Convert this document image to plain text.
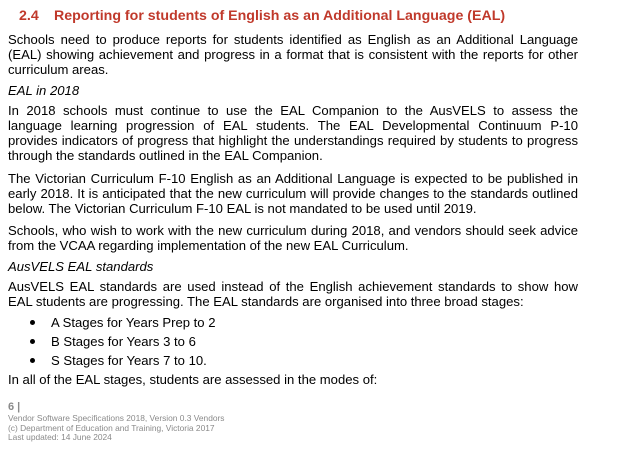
2.4	Reporting for students of English as an Additional Language (EAL)

Schools need to produce reports for students identified as English as an Additional Language (EAL) showing achievement and progress in a format that is consistent with the reports for other curriculum areas.

EAL in 2018

In 2018 schools must continue to use the EAL Companion to the AusVELS to assess the language learning progression of EAL students. The EAL Developmental Continuum P-10 provides indicators of progress that highlight the understandings required by students to progress through the standards outlined in the EAL Companion.

The Victorian Curriculum F-10 English as an Additional Language is expected to be published in early 2018. It is anticipated that the new curriculum will provide changes to the standards outlined below. The Victorian Curriculum F-10 EAL is not mandated to be used until 2019.

Schools, who wish to work with the new curriculum during 2018, and vendors should seek advice from the VCAA regarding implementation of the new EAL Curriculum.

AusVELS EAL standards

AusVELS EAL standards are used instead of the English achievement standards to show how EAL students are progressing. The EAL standards are organised into three broad stages:

A Stages for Years Prep to 2
B Stages for Years 3 to 6
S Stages for Years 7 to 10.

In all of the EAL stages, students are assessed in the modes of:

6 |
Vendor Software Specifications 2018, Version 0.3 Vendors
(c) Department of Education and Training, Victoria 2017
Last updated: 14 June 2024
